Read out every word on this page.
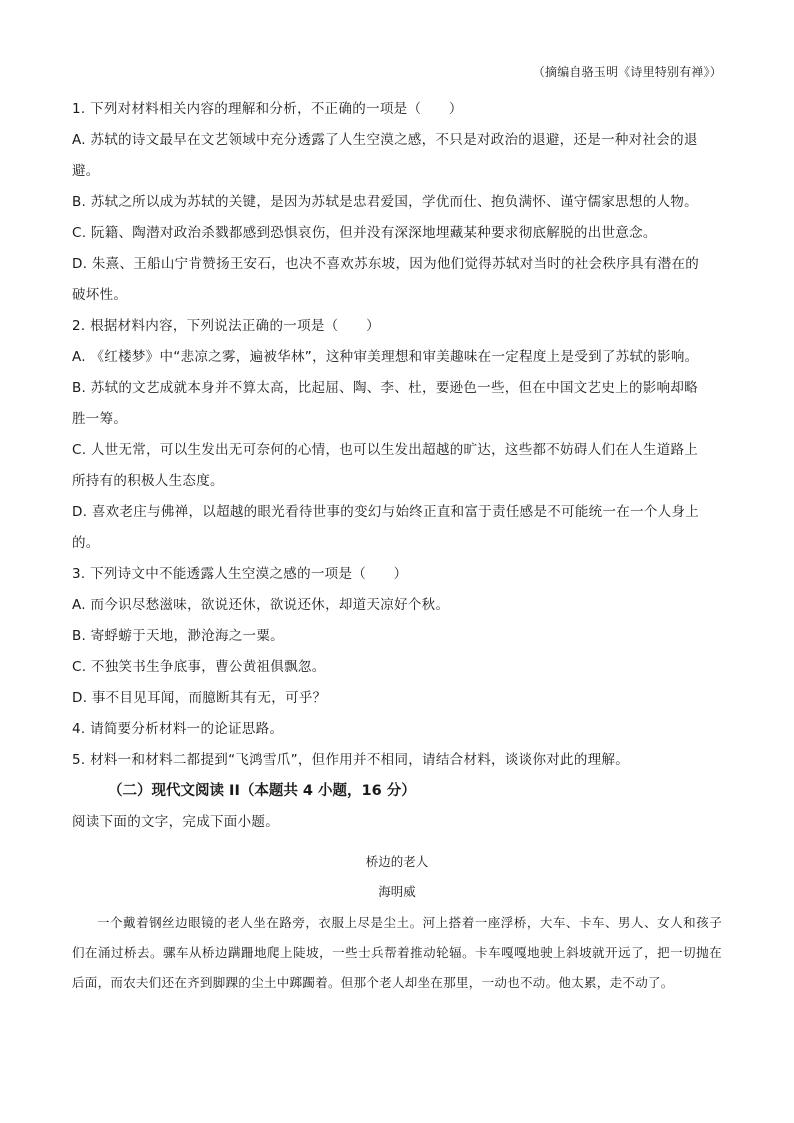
（摘编自骆玉明《诗里特别有禅》）
1. 下列对材料相关内容的理解和分析，不正确的一项是（　　）
A. 苏轼的诗文最早在文艺领域中充分透露了人生空漠之感，不只是对政治的退避，还是一种对社会的退
避。
B. 苏轼之所以成为苏轼的关键，是因为苏轼是忠君爱国，学优而仕、抱负满怀、谨守儒家思想的人物。
C. 阮籍、陶潜对政治杀戮都感到恐惧哀伤，但并没有深深地埋藏某种要求彻底解脱的出世意念。
D. 朱熹、王船山宁肯赞扬王安石，也决不喜欢苏东坡，因为他们觉得苏轼对当时的社会秩序具有潜在的
破坏性。
2. 根据材料内容，下列说法正确的一项是（　　）
A. 《红楼梦》中“悲凉之雾，遍被华林”，这种审美理想和审美趣味在一定程度上是受到了苏轼的影响。
B. 苏轼的文艺成就本身并不算太高，比起屈、陶、李、杜，要逊色一些，但在中国文艺史上的影响却略
胜一筹。
C. 人世无常，可以生发出无可奈何的心情，也可以生发出超越的旷达，这些都不妨碍人们在人生道路上
所持有的积极人生态度。
D. 喜欢老庄与佛禅，以超越的眼光看待世事的变幻与始终正直和富于责任感是不可能统一在一个人身上
的。
3. 下列诗文中不能透露人生空漠之感的一项是（　　）
A. 而今识尽愁滋味，欲说还休，欲说还休，却道天凉好个秋。
B. 寄蜉蝣于天地，渺沧海之一粟。
C. 不独笑书生争底事，曹公黄祖俱飘忽。
D. 事不目见耳闻，而臆断其有无，可乎？
4. 请简要分析材料一的论证思路。
5. 材料一和材料二都提到“飞鸿雪爪”，但作用并不相同，请结合材料，谈谈你对此的理解。
（二）现代文阅读 II（本题共 4 小题，16 分）
阅读下面的文字，完成下面小题。
桥边的老人
海明威
一个戴着钢丝边眼镜的老人坐在路旁，衣服上尽是尘土。河上搭着一座浮桥，大车、卡车、男人、女人和孩子们在涌过桥去。骡车从桥边蹒跚地爬上陡坡，一些士兵帮着推动轮辐。卡车嘎嘎地驶上斜坡就开远了，把一切抛在后面，而农夫们还在齐到脚踝的尘土中踯躅着。但那个老人却坐在那里，一动也不动。他太累，走不动了。
